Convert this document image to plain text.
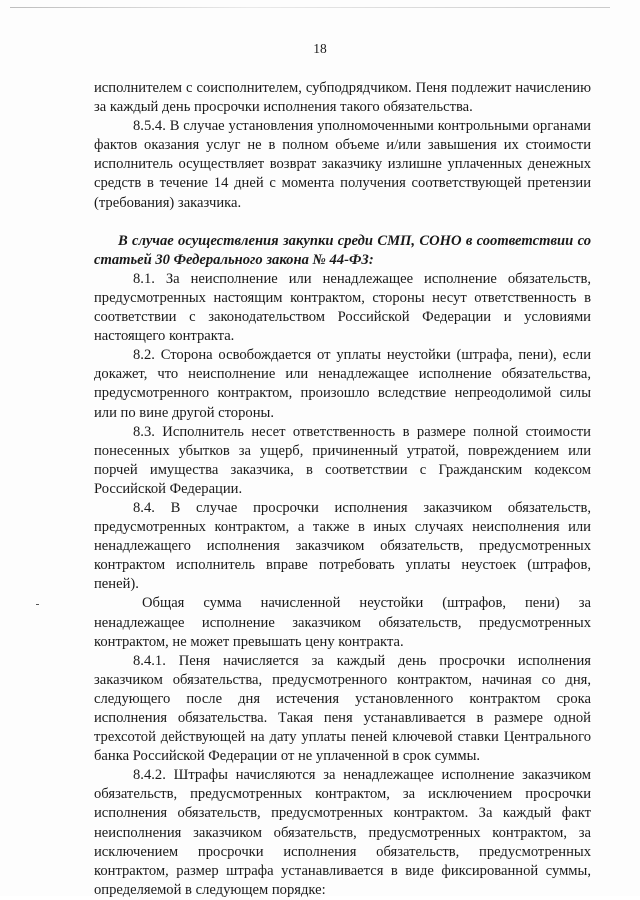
18

исполнителем с соисполнителем, субподрядчиком. Пеня подлежит начислению за каждый день просрочки исполнения такого обязательства.

8.5.4. В случае установления уполномоченными контрольными органами фактов оказания услуг не в полном объеме и/или завышения их стоимости исполнитель осуществляет возврат заказчику излишне уплаченных денежных средств в течение 14 дней с момента получения соответствующей претензии (требования) заказчика.

В случае осуществления закупки среди СМП, СОНО в соответствии со статьей 30 Федерального закона № 44-ФЗ:

8.1. За неисполнение или ненадлежащее исполнение обязательств, предусмотренных настоящим контрактом, стороны несут ответственность в соответствии с законодательством Российской Федерации и условиями настоящего контракта.

8.2. Сторона освобождается от уплаты неустойки (штрафа, пени), если докажет, что неисполнение или ненадлежащее исполнение обязательства, предусмотренного контрактом, произошло вследствие непреодолимой силы или по вине другой стороны.

8.3. Исполнитель несет ответственность в размере полной стоимости понесенных убытков за ущерб, причиненный утратой, повреждением или порчей имущества заказчика, в соответствии с Гражданским кодексом Российской Федерации.

8.4. В случае просрочки исполнения заказчиком обязательств, предусмотренных контрактом, а также в иных случаях неисполнения или ненадлежащего исполнения заказчиком обязательств, предусмотренных контрактом исполнитель вправе потребовать уплаты неустоек (штрафов, пеней).

Общая сумма начисленной неустойки (штрафов, пени) за ненадлежащее исполнение заказчиком обязательств, предусмотренных контрактом, не может превышать цену контракта.

8.4.1. Пеня начисляется за каждый день просрочки исполнения заказчиком обязательства, предусмотренного контрактом, начиная со дня, следующего после дня истечения установленного контрактом срока исполнения обязательства. Такая пеня устанавливается в размере одной трехсотой действующей на дату уплаты пеней ключевой ставки Центрального банка Российской Федерации от не уплаченной в срок суммы.

8.4.2. Штрафы начисляются за ненадлежащее исполнение заказчиком обязательств, предусмотренных контрактом, за исключением просрочки исполнения обязательств, предусмотренных контрактом. За каждый факт неисполнения заказчиком обязательств, предусмотренных контрактом, за исключением просрочки исполнения обязательств, предусмотренных контрактом, размер штрафа устанавливается в виде фиксированной суммы, определяемой в следующем порядке:
